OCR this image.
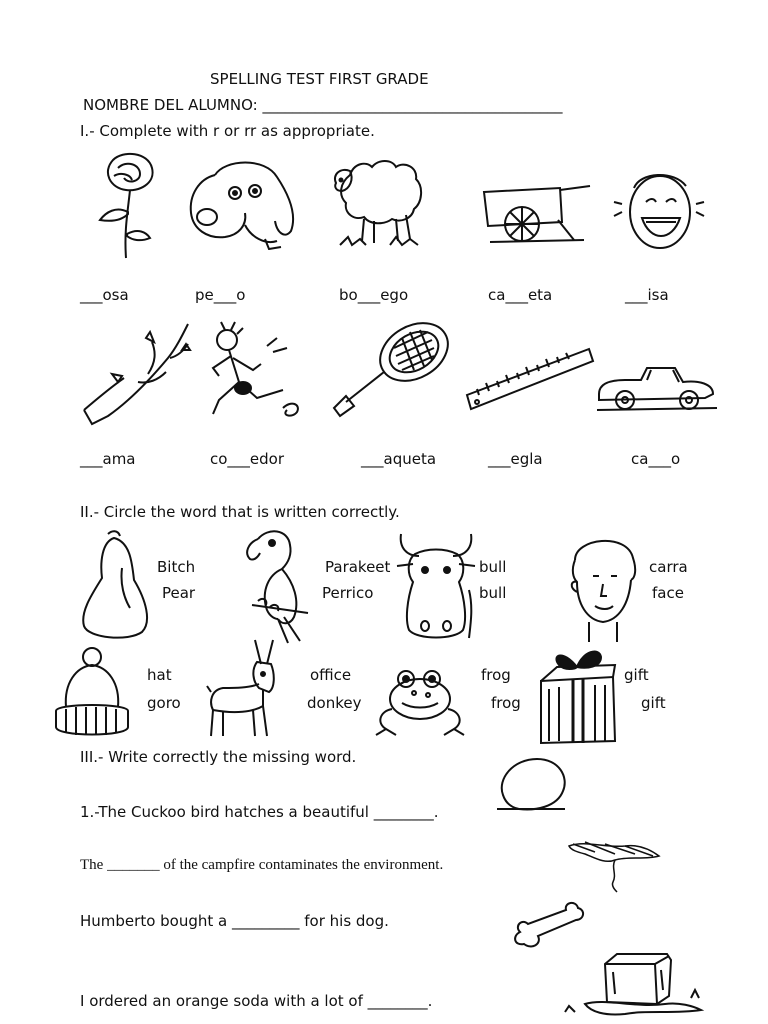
SPELLING TEST FIRST GRADE
NOMBRE DEL ALUMNO: ________________________________________
I.- Complete with r or rr as appropriate.
___osa	pe___o	bo___ego	ca___eta	___isa
___ama	co___edor	___aqueta	___egla	ca___o
II.- Circle the word that is written correctly.
Bitch
Pear
Parakeet
Perrico
bull
bull
carra
face
hat
goro
office
donkey
frog
frog
gift
gift
III.- Write correctly the missing word.
1.-The Cuckoo bird hatches a beautiful ________.
The _______ of the campfire contaminates the environment.
Humberto bought a _________ for his dog.
I ordered an orange soda with a lot of ________.
